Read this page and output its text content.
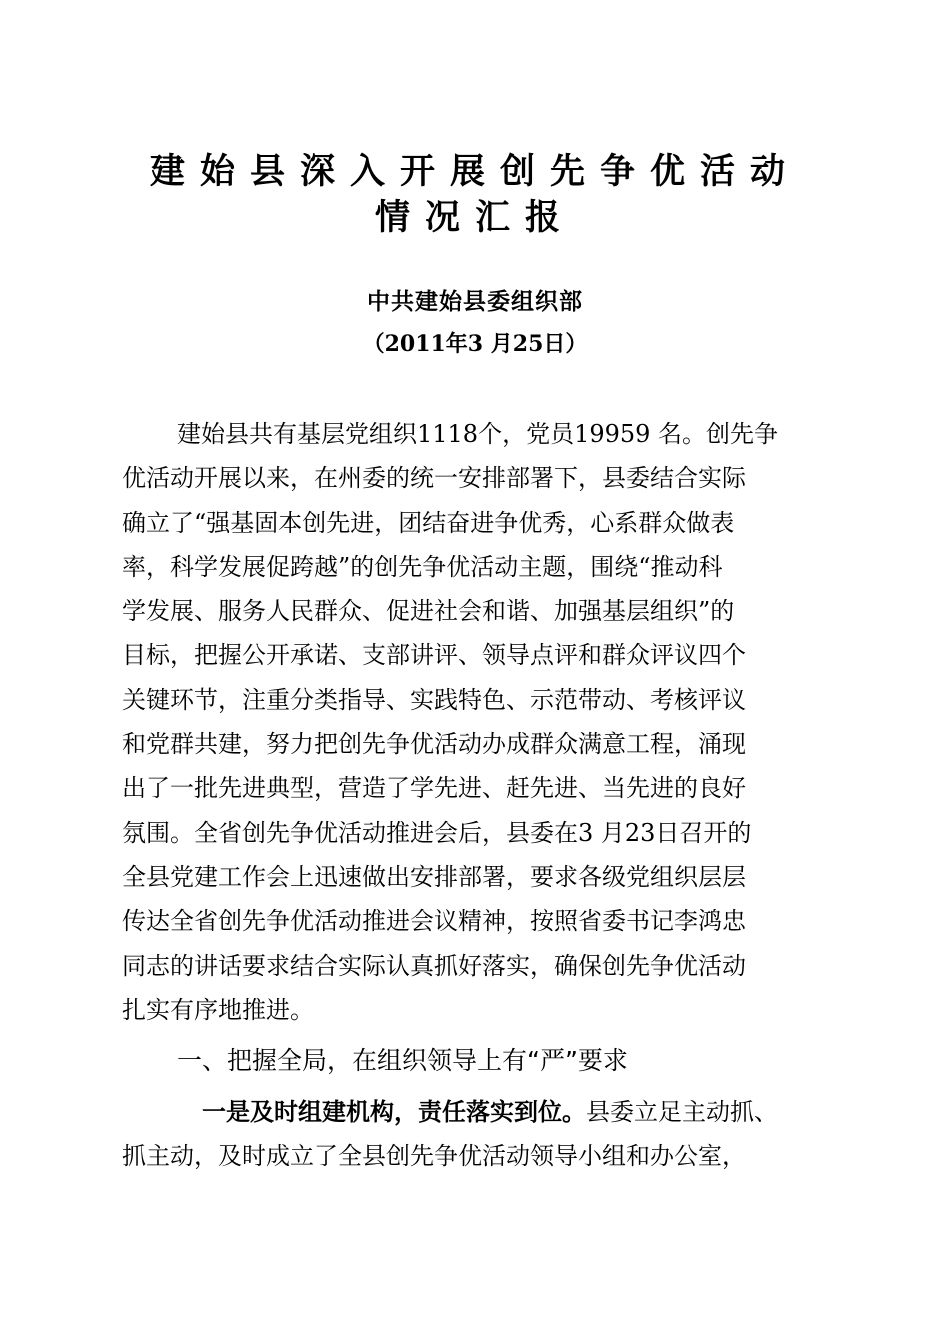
建始县深入开展创先争优活动
情况汇报
中共建始县委组织部
（2011年3 月25日）
建始县共有基层党组织1118个，党员19959 名。创先争
优活动开展以来，在州委的统一安排部署下，县委结合实际
确立了“强基固本创先进，团结奋进争优秀，心系群众做表
率，科学发展促跨越”的创先争优活动主题，围绕“推动科
学发展、服务人民群众、促进社会和谐、加强基层组织”的
目标，把握公开承诺、支部讲评、领导点评和群众评议四个
关键环节，注重分类指导、实践特色、示范带动、考核评议
和党群共建，努力把创先争优活动办成群众满意工程，涌现
出了一批先进典型，营造了学先进、赶先进、当先进的良好
氛围。全省创先争优活动推进会后，县委在3 月23日召开的
全县党建工作会上迅速做出安排部署，要求各级党组织层层
传达全省创先争优活动推进会议精神，按照省委书记李鸿忠
同志的讲话要求结合实际认真抓好落实，确保创先争优活动
扎实有序地推进。
一、把握全局，在组织领导上有“严”要求
一是及时组建机构，责任落实到位。县委立足主动抓、
抓主动，及时成立了全县创先争优活动领导小组和办公室，
